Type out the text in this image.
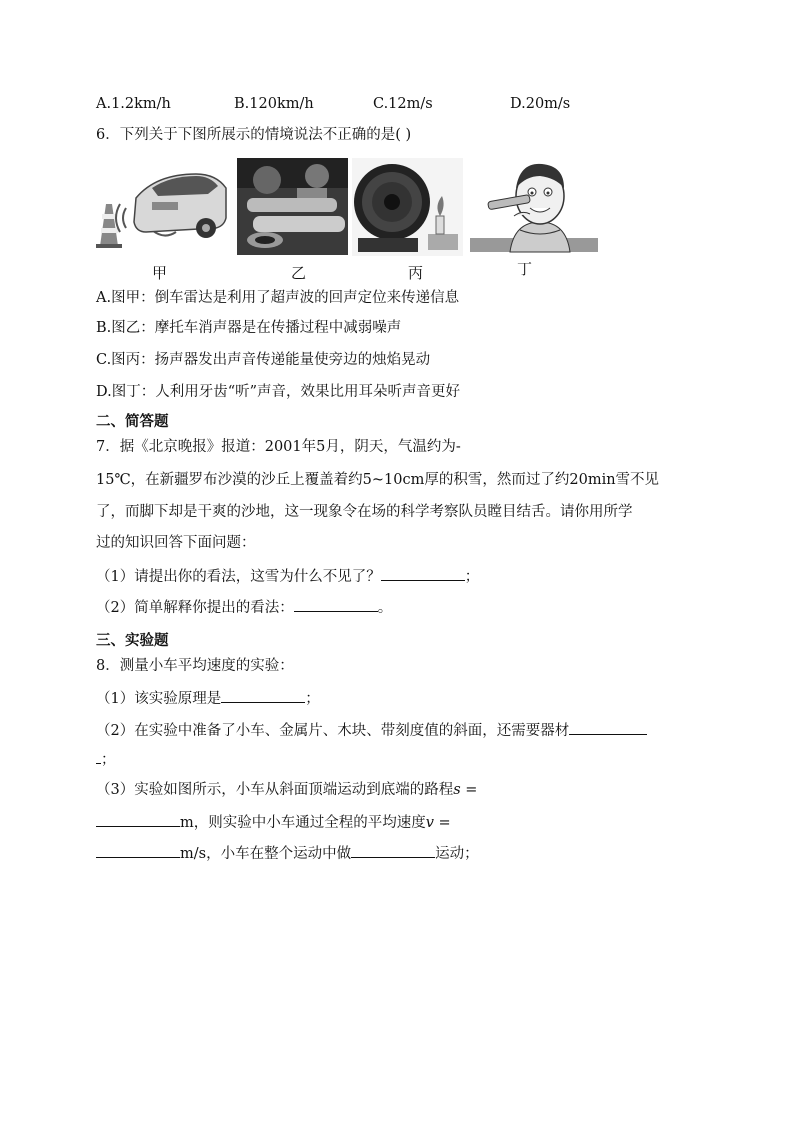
A.1.2km/h	B.120km/h	C.12m/s	D.20m/s
6．下列关于下图所展示的情境说法不正确的是( )
甲	乙	丙	丁
A.图甲：倒车雷达是利用了超声波的回声定位来传递信息
B.图乙：摩托车消声器是在传播过程中减弱噪声
C.图丙：扬声器发出声音传递能量使旁边的烛焰晃动
D.图丁：人利用牙齿“听”声音，效果比用耳朵听声音更好
二、简答题
7．据《北京晚报》报道：2001年5月，阴天，气温约为-
15℃，在新疆罗布沙漠的沙丘上覆盖着约5~10cm厚的积雪，然而过了约20min雪不见
了，而脚下却是干爽的沙地，这一现象令在场的科学考察队员瞠目结舌。请你用所学
过的知识回答下面问题：
（1）请提出你的看法，这雪为什么不见了？	；
（2）简单解释你提出的看法：	。
三、实验题
8．测量小车平均速度的实验：
（1）该实验原理是	；
（2）在实验中准备了小车、金属片、木块、带刻度值的斜面，还需要器材
；
（3）实验如图所示，小车从斜面顶端运动到底端的路程s =
m，则实验中小车通过全程的平均速度v =
m/s，小车在整个运动中做	运动；
